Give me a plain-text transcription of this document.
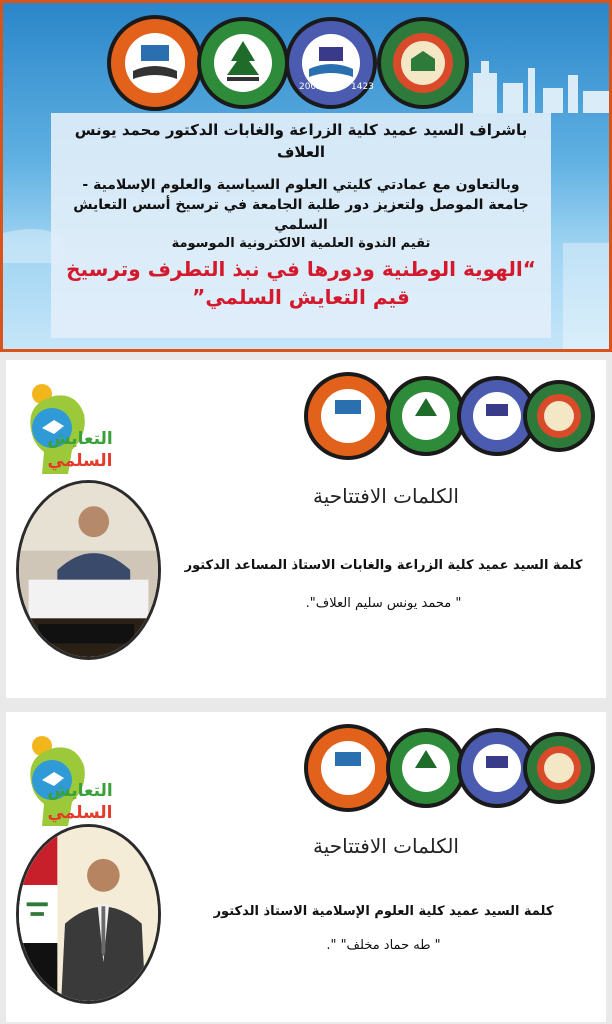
2002	1423
باشراف السيد عميد كلية الزراعة والغابات الدكتور محمد يونس العلاف
وبالتعاون مع عمادتي كليتي العلوم السياسية والعلوم الإسلامية - جامعة الموصل ولتعزيز دور طلبة الجامعة في ترسيخ أسس التعايش السلمي
تقيم الندوة العلمية الالكترونية الموسومة
“الهوية الوطنية ودورها في نبذ التطرف وترسيخ قيم التعايش السلمي”
التعايش
السلمي
الكلمات الافتتاحية
كلمة السيد عميد كلية الزراعة والغابات الاستاذ المساعد الدكتور
" محمد يونس سليم العلاف".
التعايش
السلمي
الكلمات الافتتاحية
كلمة السيد عميد كلية العلوم الإسلامية الاستاذ الدكتور
" طه حماد مخلف" ".
